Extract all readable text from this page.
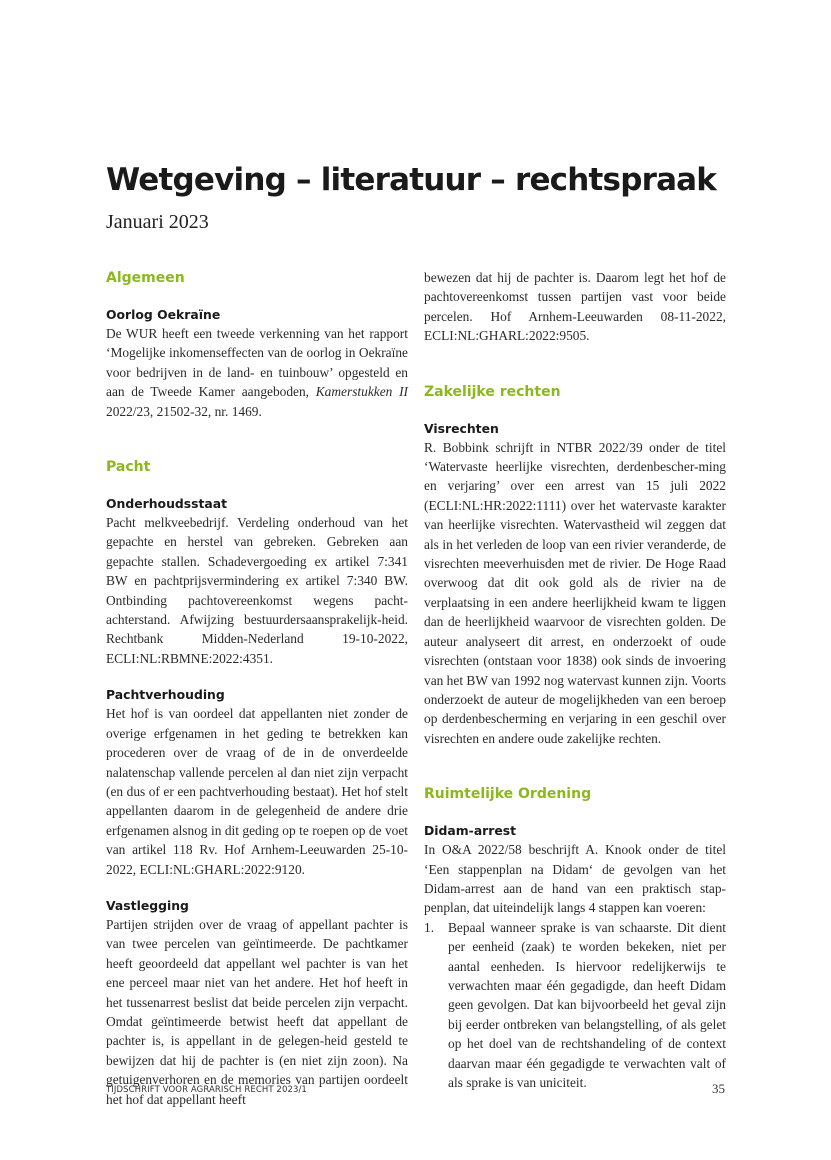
Wetgeving – literatuur – rechtspraak
Januari 2023
Algemeen
Oorlog Oekraïne

De WUR heeft een tweede verkenning van het rapport ‘Mogelijke inkomenseffecten van de oorlog in Oekraïne voor bedrijven in de land- en tuinbouw’ opgesteld en aan de Tweede Kamer aangeboden, Kamerstukken II 2022/23, 21502-32, nr. 1469.

Pacht
Onderhoudsstaat

Pacht melkveebedrijf. Verdeling onderhoud van het gepachte en herstel van gebreken. Gebreken aan gepachte stallen. Schadevergoeding ex artikel 7:341 BW en pachtprijsvermindering ex artikel 7:340 BW. Ontbinding pachtovereenkomst wegens pacht-achterstand. Afwijzing bestuurdersaansprakelijk-heid. Rechtbank Midden-Nederland 19-10-2022, ECLI:NL:RBMNE:2022:4351.

Pachtverhouding

Het hof is van oordeel dat appellanten niet zonder de overige erfgenamen in het geding te betrekken kan procederen over de vraag of de in de onverdeelde nalatenschap vallende percelen al dan niet zijn verpacht (en dus of er een pachtverhouding bestaat). Het hof stelt appellanten daarom in de gelegenheid de andere drie erfgenamen alsnog in dit geding op te roepen op de voet van artikel 118 Rv. Hof Arnhem-Leeuwarden 25-10-2022, ECLI:NL:GHARL:2022:9120.

Vastlegging

Partijen strijden over de vraag of appellant pachter is van twee percelen van geïntimeerde. De pachtkamer heeft geoordeeld dat appellant wel pachter is van het ene perceel maar niet van het andere. Het hof heeft in het tussenarrest beslist dat beide percelen zijn verpacht. Omdat geïntimeerde betwist heeft dat appellant de pachter is, is appellant in de gelegen-heid gesteld te bewijzen dat hij de pachter is (en niet zijn zoon). Na getuigenverhoren en de memories van partijen oordeelt het hof dat appellant heeft

bewezen dat hij de pachter is. Daarom legt het hof de pachtovereenkomst tussen partijen vast voor beide percelen. Hof Arnhem-Leeuwarden 08-11-2022, ECLI:NL:GHARL:2022:9505.

Zakelijke rechten
Visrechten

R. Bobbink schrijft in NTBR 2022/39 onder de titel ‘Watervaste heerlijke visrechten, derdenbescher-ming en verjaring’ over een arrest van 15 juli 2022 (ECLI:NL:HR:2022:1111) over het watervaste karakter van heerlijke visrechten. Watervastheid wil zeggen dat als in het verleden de loop van een rivier veranderde, de visrechten meeverhuisden met de rivier. De Hoge Raad overwoog dat dit ook gold als de rivier na de verplaatsing in een andere heerlijkheid kwam te liggen dan de heerlijkheid waarvoor de visrechten golden. De auteur analyseert dit arrest, en onderzoekt of oude visrechten (ontstaan voor 1838) ook sinds de invoering van het BW van 1992 nog watervast kunnen zijn. Voorts onderzoekt de auteur de mogelijkheden van een beroep op derdenbescherming en verjaring in een geschil over visrechten en andere oude zakelijke rechten.

Ruimtelijke Ordening
Didam-arrest

In O&A 2022/58 beschrijft A. Knook onder de titel ‘Een stappenplan na Didam‘ de gevolgen van het Didam-arrest aan de hand van een praktisch stap-penplan, dat uiteindelijk langs 4 stappen kan voeren:

1. Bepaal wanneer sprake is van schaarste. Dit dient per eenheid (zaak) te worden bekeken, niet per aantal eenheden. Is hiervoor redelijkerwijs te verwachten maar één gegadigde, dan heeft Didam geen gevolgen. Dat kan bijvoorbeeld het geval zijn bij eerder ontbreken van belangstelling, of als gelet op het doel van de rechtshandeling of de context daarvan maar één gegadigde te verwachten valt of als sprake is van uniciteit.
TIJDSCHRIFT VOOR AGRARISCH RECHT 2023/1	35
